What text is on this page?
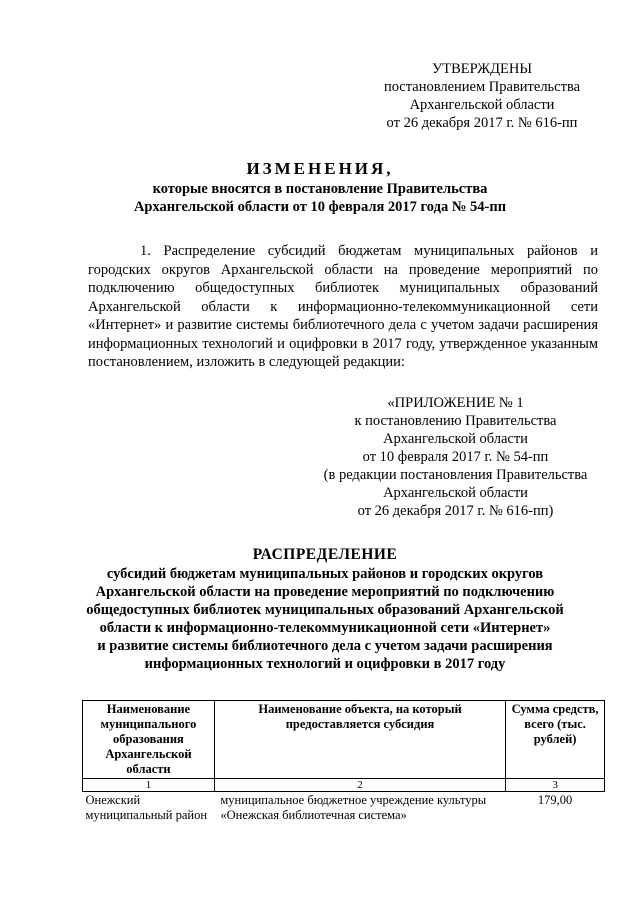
УТВЕРЖДЕНЫ
постановлением Правительства
Архангельской области
от 26 декабря 2017 г. № 616-пп
ИЗМЕНЕНИЯ,
которые вносятся в постановление Правительства
Архангельской области от 10 февраля 2017 года № 54-пп

1. Распределение субсидий бюджетам муниципальных районов и городских округов Архангельской области на проведение мероприятий по подключению общедоступных библиотек муниципальных образований Архангельской области к информационно-телекоммуникационной сети «Интернет» и развитие системы библиотечного дела с учетом задачи расширения информационных технологий и оцифровки в 2017 году, утвержденное указанным постановлением, изложить в следующей редакции:

«ПРИЛОЖЕНИЕ № 1
к постановлению Правительства
Архангельской области
от 10 февраля 2017 г. № 54-пп
(в редакции постановления Правительства
Архангельской области
от 26 декабря 2017 г. № 616-пп)
РАСПРЕДЕЛЕНИЕ
субсидий бюджетам муниципальных районов и городских округов
Архангельской области на проведение мероприятий по подключению
общедоступных библиотек муниципальных образований Архангельской
области к информационно-телекоммуникационной сети «Интернет»
и развитие системы библиотечного дела с учетом задачи расширения
информационных технологий и оцифровки в 2017 году
Наименование муниципального образования Архангельской области	Наименование объекта, на который предоставляется субсидия	Сумма средств, всего (тыс. рублей)
1	2	3
Онежский муниципальный район	муниципальное бюджетное учреждение культуры «Онежская библиотечная система»	179,00
